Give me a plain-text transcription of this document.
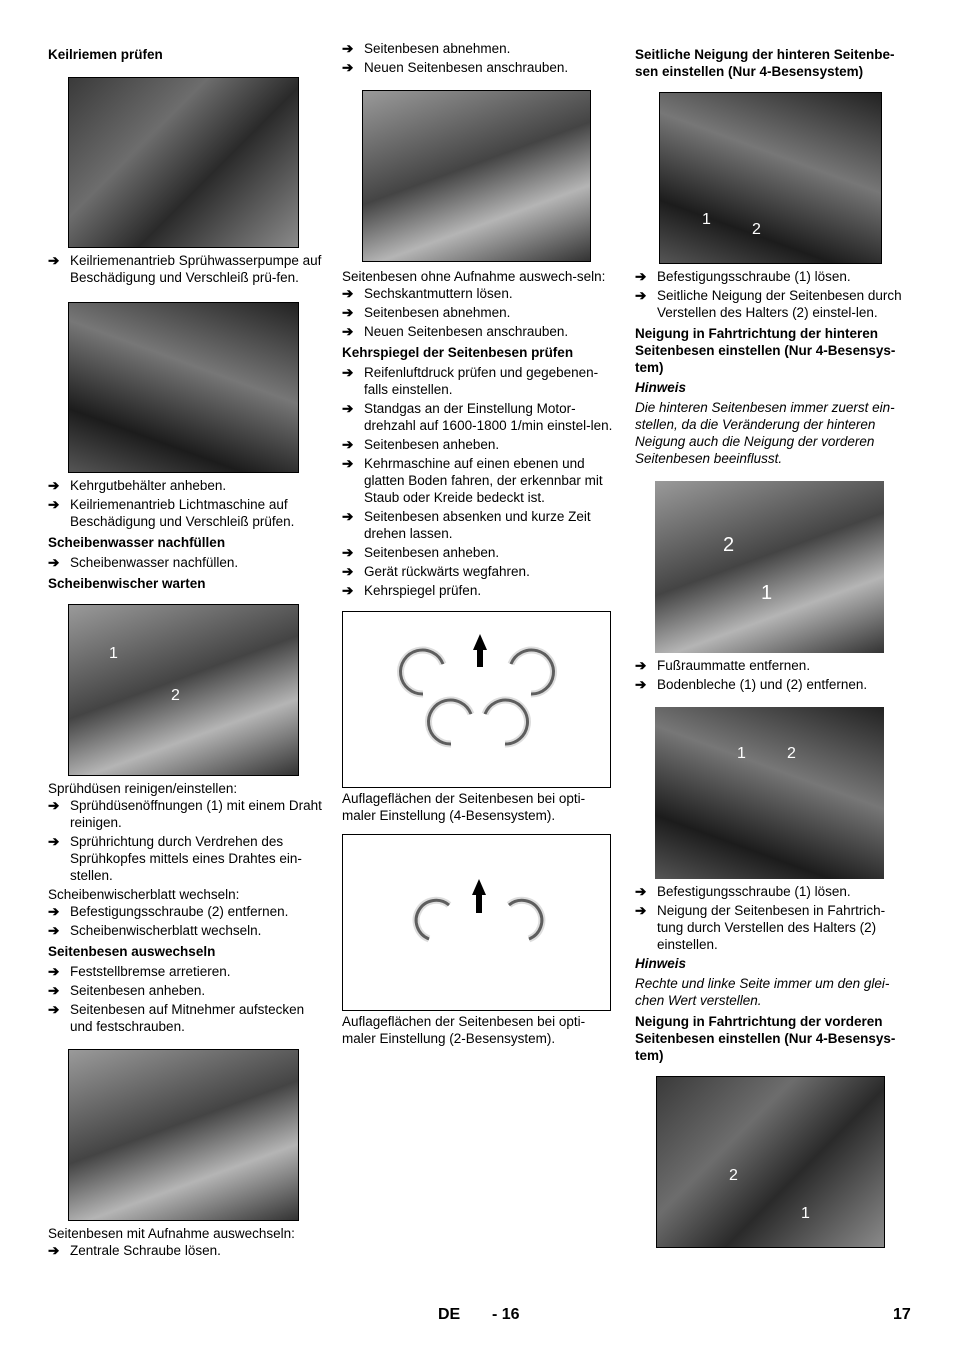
Keilriemen prüfen
➔ Keilriemenantrieb Sprühwasserpumpe auf Beschädigung und Verschleiß prü-fen.
➔ Kehrgutbehälter anheben.
➔ Keilriemenantrieb Lichtmaschine auf Beschädigung und Verschleiß prüfen.
Scheibenwasser nachfüllen
➔ Scheibenwasser nachfüllen.
Scheibenwischer warten
1
2
Sprühdüsen reinigen/einstellen:
➔ Sprühdüsenöffnungen (1) mit einem Draht reinigen.
➔ Sprührichtung durch Verdrehen des Sprühkopfes mittels eines Drahtes ein-stellen.
Scheibenwischerblatt wechseln:
➔ Befestigungsschraube (2) entfernen.
➔ Scheibenwischerblatt wechseln.
Seitenbesen auswechseln
➔ Feststellbremse arretieren.
➔ Seitenbesen anheben.
➔ Seitenbesen auf Mitnehmer aufstecken und festschrauben.
Seitenbesen mit Aufnahme auswechseln:
➔ Zentrale Schraube lösen.
➔ Seitenbesen abnehmen.
➔ Neuen Seitenbesen anschrauben.
Seitenbesen ohne Aufnahme auswech-seln:
➔ Sechskantmuttern lösen.
➔ Seitenbesen abnehmen.
➔ Neuen Seitenbesen anschrauben.
Kehrspiegel der Seitenbesen prüfen
➔ Reifenluftdruck prüfen und gegebenen-falls einstellen.
➔ Standgas an der Einstellung Motor-drehzahl auf 1600-1800 1/min einstel-len.
➔ Seitenbesen anheben.
➔ Kehrmaschine auf einen ebenen und glatten Boden fahren, der erkennbar mit Staub oder Kreide bedeckt ist.
➔ Seitenbesen absenken und kurze Zeit drehen lassen.
➔ Seitenbesen anheben.
➔ Gerät rückwärts wegfahren.
➔ Kehrspiegel prüfen.
Auflageflächen der Seitenbesen bei opti-maler Einstellung (4-Besensystem).
Auflageflächen der Seitenbesen bei opti-maler Einstellung (2-Besensystem).
Seitliche Neigung der hinteren Seitenbe-sen einstellen (Nur 4-Besensystem)
1
2
➔ Befestigungsschraube (1) lösen.
➔ Seitliche Neigung der Seitenbesen durch Verstellen des Halters (2) einstel-len.
Neigung in Fahrtrichtung der hinteren Seitenbesen einstellen (Nur 4-Besensys-tem)
Hinweis
Die hinteren Seitenbesen immer zuerst ein-stellen, da die Veränderung der hinteren Neigung auch die Neigung der vorderen Seitenbesen beeinflusst.
2
1
➔ Fußraummatte entfernen.
➔ Bodenbleche (1) und (2) entfernen.
1	2
➔ Befestigungsschraube (1) lösen.
➔ Neigung der Seitenbesen in Fahrtrich-tung durch Verstellen des Halters (2) einstellen.
Hinweis
Rechte und linke Seite immer um den glei-chen Wert verstellen.
Neigung in Fahrtrichtung der vorderen Seitenbesen einstellen (Nur 4-Besensys-tem)
2
1
DE - 16	17
